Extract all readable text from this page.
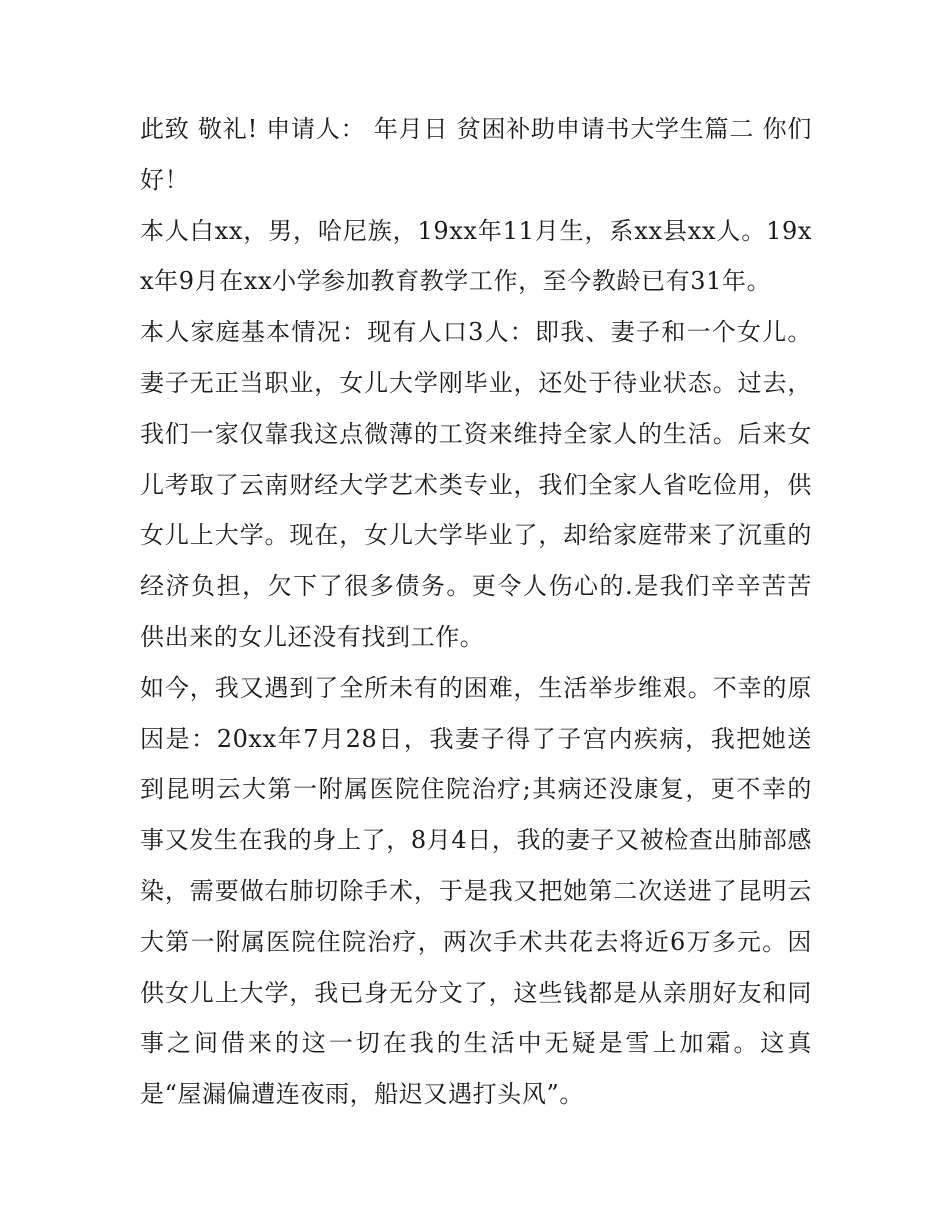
此致 敬礼! 申请人： 年月日 贫困补助申请书大学生篇二 你们好！

本人白xx，男，哈尼族，19xx年11月生，系xx县xx人。19xx年9月在xx小学参加教育教学工作，至今教龄已有31年。

本人家庭基本情况：现有人口3人：即我、妻子和一个女儿。妻子无正当职业，女儿大学刚毕业，还处于待业状态。过去，我们一家仅靠我这点微薄的工资来维持全家人的生活。后来女儿考取了云南财经大学艺术类专业，我们全家人省吃俭用，供女儿上大学。现在，女儿大学毕业了，却给家庭带来了沉重的经济负担，欠下了很多债务。更令人伤心的.是我们辛辛苦苦供出来的女儿还没有找到工作。

如今，我又遇到了全所未有的困难，生活举步维艰。不幸的原因是：20xx年7月28日，我妻子得了子宫内疾病，我把她送到昆明云大第一附属医院住院治疗;其病还没康复，更不幸的事又发生在我的身上了，8月4日，我的妻子又被检查出肺部感染，需要做右肺切除手术，于是我又把她第二次送进了昆明云大第一附属医院住院治疗，两次手术共花去将近6万多元。因供女儿上大学，我已身无分文了，这些钱都是从亲朋好友和同事之间借来的这一切在我的生活中无疑是雪上加霜。这真是“屋漏偏遭连夜雨，船迟又遇打头风”。
